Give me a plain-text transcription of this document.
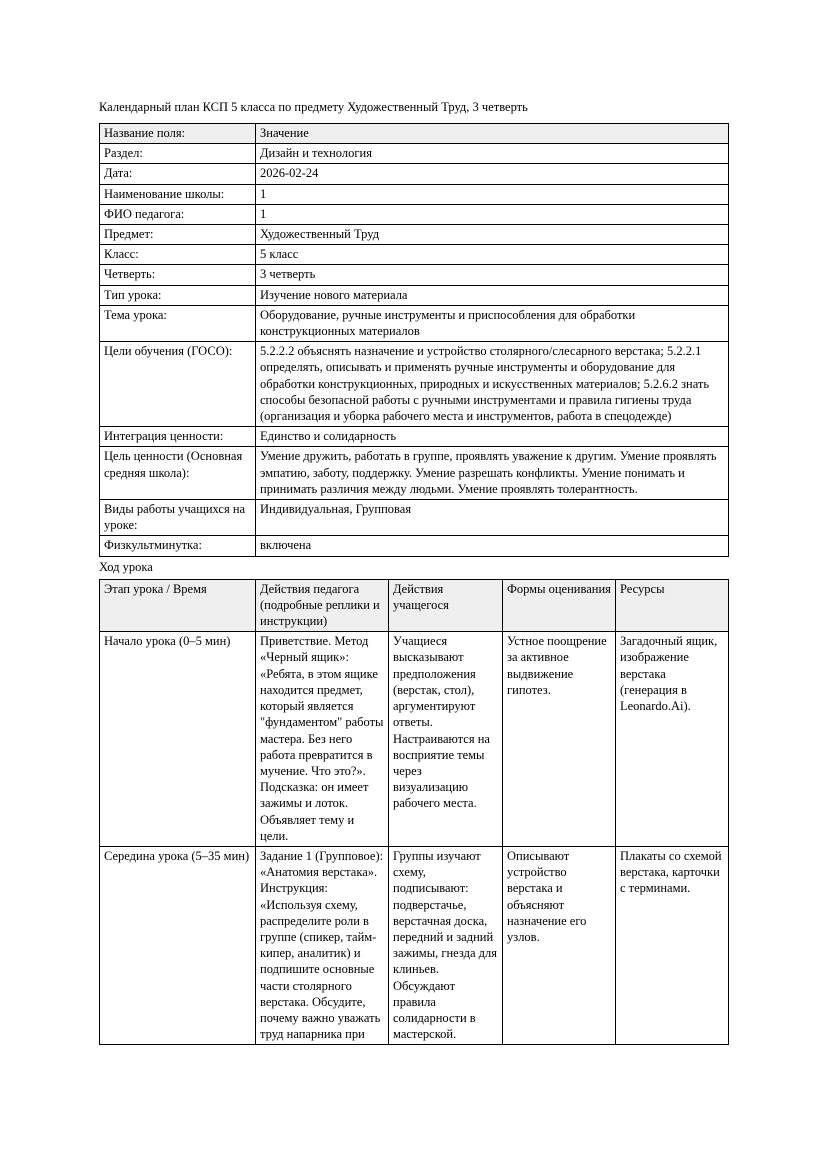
Календарный план КСП 5 класса по предмету Художественный Труд, 3 четверть

Название поля:	Значение
Раздел:	Дизайн и технология
Дата:	2026-02-24
Наименование школы:	1
ФИО педагога:	1
Предмет:	Художественный Труд
Класс:	5 класс
Четверть:	3 четверть
Тип урока:	Изучение нового материала
Тема урока:	Оборудование, ручные инструменты и приспособления для обработки конструкционных материалов
Цели обучения (ГОСО):	5.2.2.2 объяснять назначение и устройство столярного/слесарного верстака; 5.2.2.1 определять, описывать и применять ручные инструменты и оборудование для обработки конструкционных, природных и искусственных материалов; 5.2.6.2 знать способы безопасной работы с ручными инструментами и правила гигиены труда (организация и уборка рабочего места и инструментов, работа в спецодежде)
Интеграция ценности:	Единство и солидарность
Цель ценности (Основная средняя школа):	Умение дружить, работать в группе, проявлять уважение к другим. Умение проявлять эмпатию, заботу, поддержку. Умение разрешать конфликты. Умение понимать и принимать различия между людьми. Умение проявлять толерантность.
Виды работы учащихся на уроке:	Индивидуальная, Групповая
Физкультминутка:	включена

Ход урока

Этап урока / Время	Действия педагога (подробные реплики и инструкции)	Действия учащегося	Формы оценивания	Ресурсы
Начало урока (0–5 мин)	Приветствие. Метод «Черный ящик»: «Ребята, в этом ящике находится предмет, который является "фундаментом" работы мастера. Без него работа превратится в мучение. Что это?». Подсказка: он имеет зажимы и лоток. Объявляет тему и цели.	Учащиеся высказывают предположения (верстак, стол), аргументируют ответы. Настраиваются на восприятие темы через визуализацию рабочего места.	Устное поощрение за активное выдвижение гипотез.	Загадочный ящик, изображение верстака (генерация в Leonardo.Ai).
Середина урока (5–35 мин)	Задание 1 (Групповое): «Анатомия верстака». Инструкция: «Используя схему, распределите роли в группе (спикер, тайм-кипер, аналитик) и подпишите основные части столярного верстака. Обсудите, почему важно уважать труд напарника при	Группы изучают схему, подписывают: подверстачье, верстачная доска, передний и задний зажимы, гнезда для клиньев. Обсуждают правила солидарности в мастерской.	Описывают устройство верстака и объясняют назначение его узлов.	Плакаты со схемой верстака, карточки с терминами.
